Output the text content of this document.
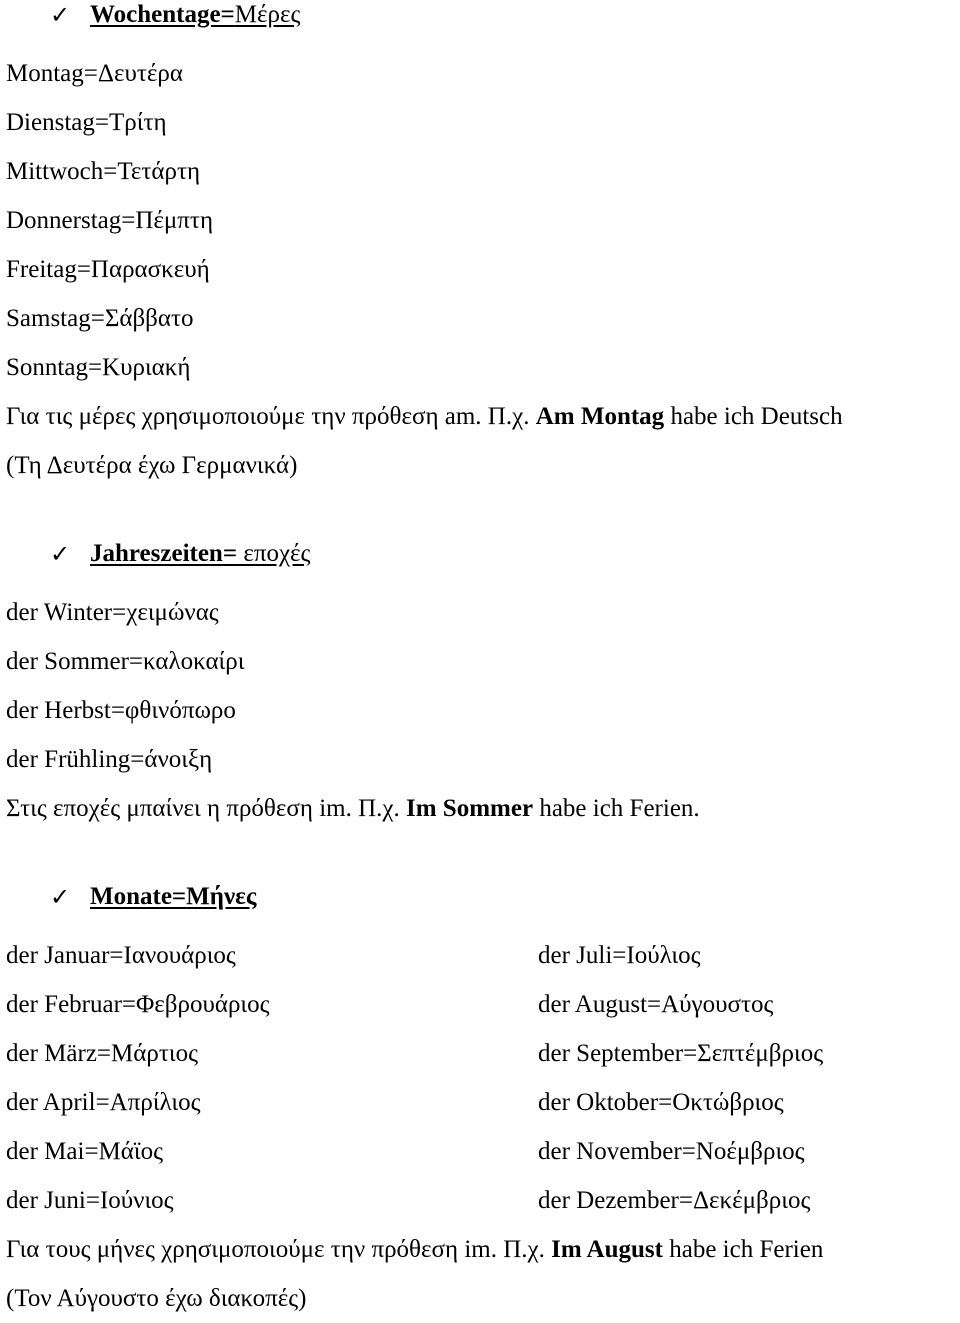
✓ Wochentage=Μέρες
Montag=Δευτέρα
Dienstag=Τρίτη
Mittwoch=Τετάρτη
Donnerstag=Πέμπτη
Freitag=Παρασκευή
Samstag=Σάββατο
Sonntag=Κυριακή
Για τις μέρες χρησιμοποιούμε την πρόθεση am. Π.χ. Am Montag habe ich Deutsch
(Τη Δευτέρα έχω Γερμανικά)
✓ Jahreszeiten= εποχές
der Winter=χειμώνας
der Sommer=καλοκαίρι
der Herbst=φθινόπωρο
der Frühling=άνοιξη
Στις εποχές μπαίνει η πρόθεση im. Π.χ. Im Sommer habe ich Ferien.
✓ Monate=Μήνες
der Januar=Ιανουάριος	der Juli=Ιούλιος
der Februar=Φεβρουάριος	der August=Αύγουστος
der März=Μάρτιος	der September=Σεπτέμβριος
der April=Απρίλιος	der Oktober=Οκτώβριος
der Mai=Μάϊος	der November=Νοέμβριος
der Juni=Ιούνιος	der Dezember=Δεκέμβριος
Για τους μήνες χρησιμοποιούμε την πρόθεση im. Π.χ. Im August habe ich Ferien
(Τον Αύγουστο έχω διακοπές)
